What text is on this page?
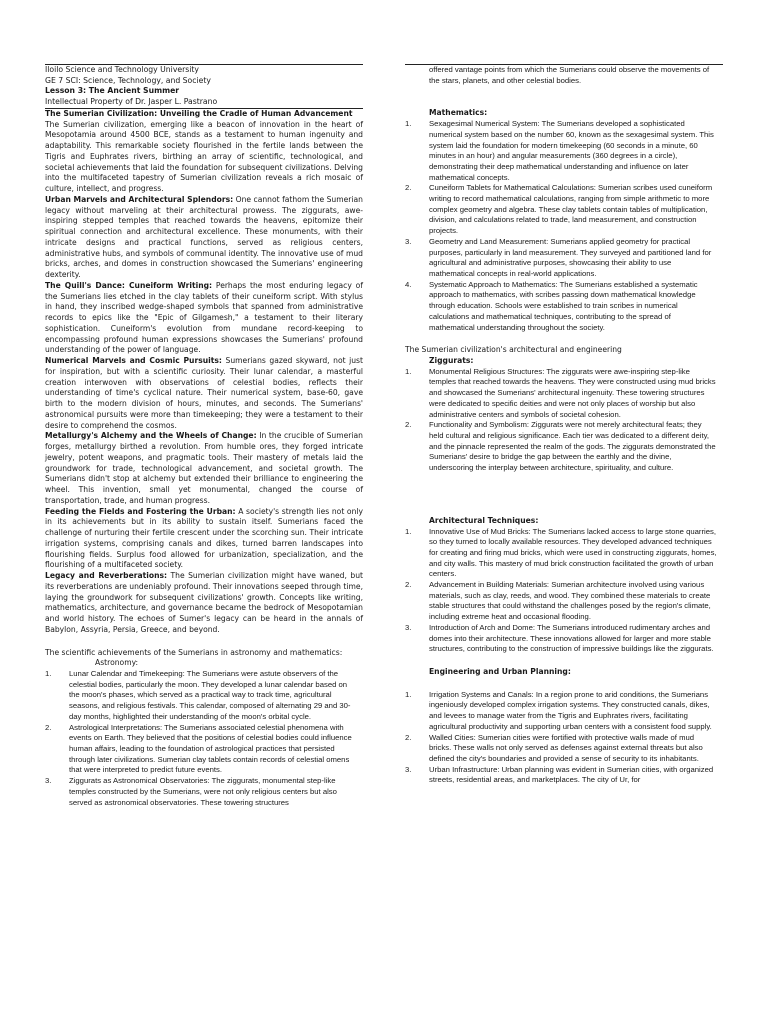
Iloilo Science and Technology University
GE 7 SCI: Science, Technology, and Society
Lesson 3: The Ancient Summer
Intellectual Property of Dr. Jasper L. Pastrano

The Sumerian Civilization: Unveiling the Cradle of Human Advancement

The Sumerian civilization, emerging like a beacon of innovation in the heart of Mesopotamia around 4500 BCE, stands as a testament to human ingenuity and adaptability. This remarkable society flourished in the fertile lands between the Tigris and Euphrates rivers, birthing an array of scientific, technological, and societal achievements that laid the foundation for subsequent civilizations. Delving into the multifaceted tapestry of Sumerian civilization reveals a rich mosaic of culture, intellect, and progress.

Urban Marvels and Architectural Splendors: One cannot fathom the Sumerian legacy without marveling at their architectural prowess. The ziggurats, awe-inspiring stepped temples that reached towards the heavens, epitomize their spiritual connection and architectural excellence. These monuments, with their intricate designs and practical functions, served as religious centers, administrative hubs, and symbols of communal identity. The innovative use of mud bricks, arches, and domes in construction showcased the Sumerians' engineering dexterity.

The Quill's Dance: Cuneiform Writing: Perhaps the most enduring legacy of the Sumerians lies etched in the clay tablets of their cuneiform script. With stylus in hand, they inscribed wedge-shaped symbols that spanned from administrative records to epics like the "Epic of Gilgamesh," a testament to their literary sophistication. Cuneiform's evolution from mundane record-keeping to encompassing profound human expressions showcases the Sumerians' profound understanding of the power of language.

Numerical Marvels and Cosmic Pursuits: Sumerians gazed skyward, not just for inspiration, but with a scientific curiosity. Their lunar calendar, a masterful creation interwoven with observations of celestial bodies, reflects their understanding of time's cyclical nature. Their numerical system, base-60, gave birth to the modern division of hours, minutes, and seconds. The Sumerians' astronomical pursuits were more than timekeeping; they were a testament to their desire to comprehend the cosmos.

Metallurgy's Alchemy and the Wheels of Change: In the crucible of Sumerian forges, metallurgy birthed a revolution. From humble ores, they forged intricate jewelry, potent weapons, and pragmatic tools. Their mastery of metals laid the groundwork for trade, technological advancement, and societal growth. The Sumerians didn't stop at alchemy but extended their brilliance to engineering the wheel. This invention, small yet monumental, changed the course of transportation, trade, and human progress.

Feeding the Fields and Fostering the Urban: A society's strength lies not only in its achievements but in its ability to sustain itself. Sumerians faced the challenge of nurturing their fertile crescent under the scorching sun. Their intricate irrigation systems, comprising canals and dikes, turned barren landscapes into flourishing fields. Surplus food allowed for urbanization, specialization, and the flourishing of a multifaceted society.

Legacy and Reverberations: The Sumerian civilization might have waned, but its reverberations are undeniably profound. Their innovations seeped through time, laying the groundwork for subsequent civilizations' growth. Concepts like writing, mathematics, architecture, and governance became the bedrock of Mesopotamian and world history. The echoes of Sumer's legacy can be heard in the annals of Babylon, Assyria, Persia, Greece, and beyond.

The scientific achievements of the Sumerians in astronomy and mathematics:

Astronomy:

1. Lunar Calendar and Timekeeping: The Sumerians were astute observers of the celestial bodies, particularly the moon. They developed a lunar calendar based on the moon's phases, which served as a practical way to track time, agricultural seasons, and religious festivals. This calendar, composed of alternating 29 and 30-day months, highlighted their understanding of the moon's orbital cycle.
2. Astrological Interpretations: The Sumerians associated celestial phenomena with events on Earth. They believed that the positions of celestial bodies could influence human affairs, leading to the foundation of astrological practices that persisted through later civilizations. Sumerian clay tablets contain records of celestial omens that were interpreted to predict future events.
3. Ziggurats as Astronomical Observatories: The ziggurats, monumental step-like temples constructed by the Sumerians, were not only religious centers but also served as astronomical observatories. These towering structures
offered vantage points from which the Sumerians could observe the movements of the stars, planets, and other celestial bodies.

Mathematics:

1. Sexagesimal Numerical System: The Sumerians developed a sophisticated numerical system based on the number 60, known as the sexagesimal system. This system laid the foundation for modern timekeeping (60 seconds in a minute, 60 minutes in an hour) and angular measurements (360 degrees in a circle), demonstrating their deep mathematical understanding and influence on later mathematical concepts.
2. Cuneiform Tablets for Mathematical Calculations: Sumerian scribes used cuneiform writing to record mathematical calculations, ranging from simple arithmetic to more complex geometry and algebra. These clay tablets contain tables of multiplication, division, and calculations related to trade, land measurement, and construction projects.
3. Geometry and Land Measurement: Sumerians applied geometry for practical purposes, particularly in land measurement. They surveyed and partitioned land for agricultural and administrative purposes, showcasing their ability to use mathematical concepts in real-world applications.
4. Systematic Approach to Mathematics: The Sumerians established a systematic approach to mathematics, with scribes passing down mathematical knowledge through education. Schools were established to train scribes in numerical calculations and mathematical techniques, contributing to the spread of mathematical understanding throughout the society.

The Sumerian civilization's architectural and engineering

Ziggurats:

1. Monumental Religious Structures: The ziggurats were awe-inspiring step-like temples that reached towards the heavens. They were constructed using mud bricks and showcased the Sumerians' architectural ingenuity. These towering structures were dedicated to specific deities and were not only places of worship but also administrative centers and symbols of societal cohesion.
2. Functionality and Symbolism: Ziggurats were not merely architectural feats; they held cultural and religious significance. Each tier was dedicated to a different deity, and the pinnacle represented the realm of the gods. The ziggurats demonstrated the Sumerians' desire to bridge the gap between the earthly and the divine, underscoring the interplay between architecture, spirituality, and culture.

Architectural Techniques:

1. Innovative Use of Mud Bricks: The Sumerians lacked access to large stone quarries, so they turned to locally available resources. They developed advanced techniques for creating and firing mud bricks, which were used in constructing ziggurats, homes, and city walls. This mastery of mud brick construction facilitated the growth of urban centers.
2. Advancement in Building Materials: Sumerian architecture involved using various materials, such as clay, reeds, and wood. They combined these materials to create stable structures that could withstand the challenges posed by the region's climate, including extreme heat and occasional flooding.
3. Introduction of Arch and Dome: The Sumerians introduced rudimentary arches and domes into their architecture. These innovations allowed for larger and more stable structures, contributing to the construction of impressive buildings like the ziggurats.

Engineering and Urban Planning:

1. Irrigation Systems and Canals: In a region prone to arid conditions, the Sumerians ingeniously developed complex irrigation systems. They constructed canals, dikes, and levees to manage water from the Tigris and Euphrates rivers, facilitating agricultural productivity and supporting urban centers with a consistent food supply.
2. Walled Cities: Sumerian cities were fortified with protective walls made of mud bricks. These walls not only served as defenses against external threats but also defined the city's boundaries and provided a sense of security to its inhabitants.
3. Urban Infrastructure: Urban planning was evident in Sumerian cities, with organized streets, residential areas, and marketplaces. The city of Ur, for
